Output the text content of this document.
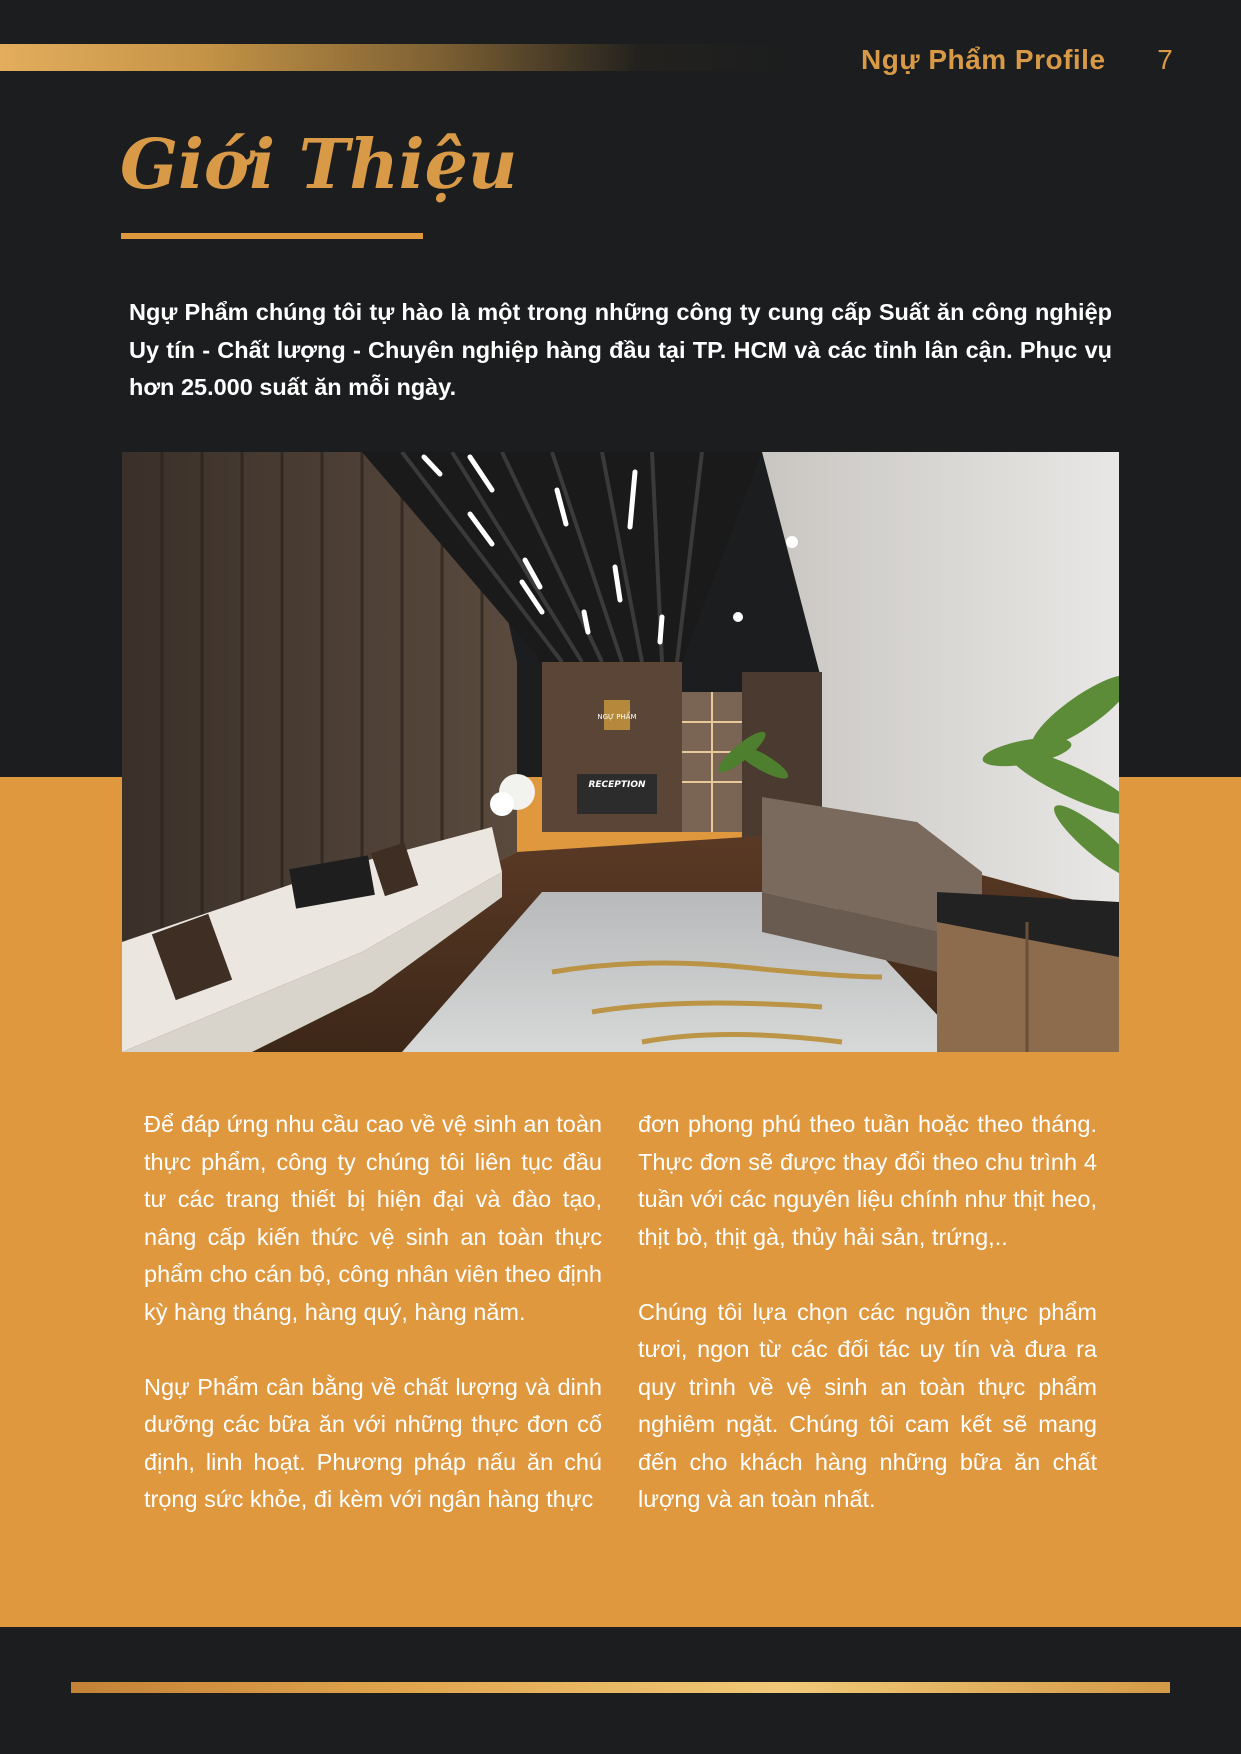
Ngự Phẩm Profile	7
Giới Thiệu

Ngự Phẩm chúng tôi tự hào là một trong những công ty cung cấp Suất ăn công nghiệp Uy tín - Chất lượng - Chuyên nghiệp hàng đầu tại TP. HCM và các tỉnh lân cận. Phục vụ hơn 25.000 suất ăn mỗi ngày.

NGỰ PHẨM
RECEPTION

Để đáp ứng nhu cầu cao về vệ sinh an toàn thực phẩm, công ty chúng tôi liên tục đầu tư các trang thiết bị hiện đại và đào tạo, nâng cấp kiến thức vệ sinh an toàn thực phẩm cho cán bộ, công nhân viên theo định kỳ hàng tháng, hàng quý, hàng năm.

Ngự Phẩm cân bằng về chất lượng và dinh dưỡng các bữa ăn với những thực đơn cố định, linh hoạt. Phương pháp nấu ăn chú trọng sức khỏe, đi kèm với ngân hàng thực

đơn phong phú theo tuần hoặc theo tháng. Thực đơn sẽ được thay đổi theo chu trình 4 tuần với các nguyên liệu chính như thịt heo, thịt bò, thịt gà, thủy hải sản, trứng,..

Chúng tôi lựa chọn các nguồn thực phẩm tươi, ngon từ các đối tác uy tín và đưa ra quy trình về vệ sinh an toàn thực phẩm nghiêm ngặt. Chúng tôi cam kết sẽ mang đến cho khách hàng những bữa ăn chất lượng và an toàn nhất.
